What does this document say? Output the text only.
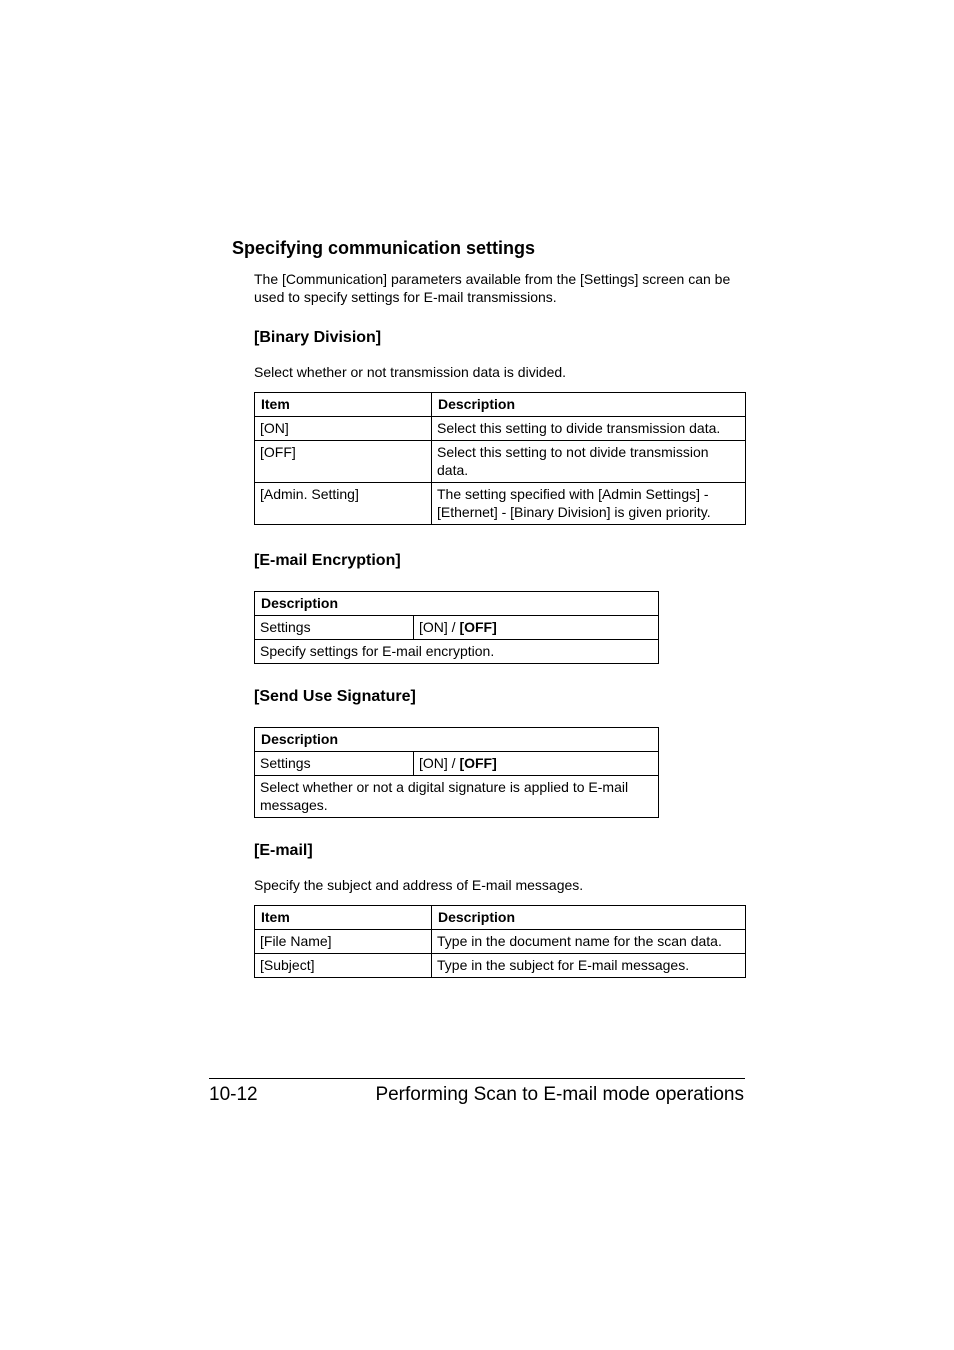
Specifying communication settings

The [Communication] parameters available from the [Settings] screen can be used to specify settings for E-mail transmissions.

[Binary Division]

Select whether or not transmission data is divided.

Item	Description
[ON]	Select this setting to divide transmission data.
[OFF]	Select this setting to not divide transmission data.
[Admin. Setting]	The setting specified with [Admin Settings] - [Ethernet] - [Binary Division] is given priority.
[E-mail Encryption]
Description
Settings	[ON] / [OFF]
Specify settings for E-mail encryption.
[Send Use Signature]
Description
Settings	[ON] / [OFF]
Select whether or not a digital signature is applied to E-mail messages.
[E-mail]

Specify the subject and address of E-mail messages.

Item	Description
[File Name]	Type in the document name for the scan data.
[Subject]	Type in the subject for E-mail messages.
10-12	Performing Scan to E-mail mode operations
